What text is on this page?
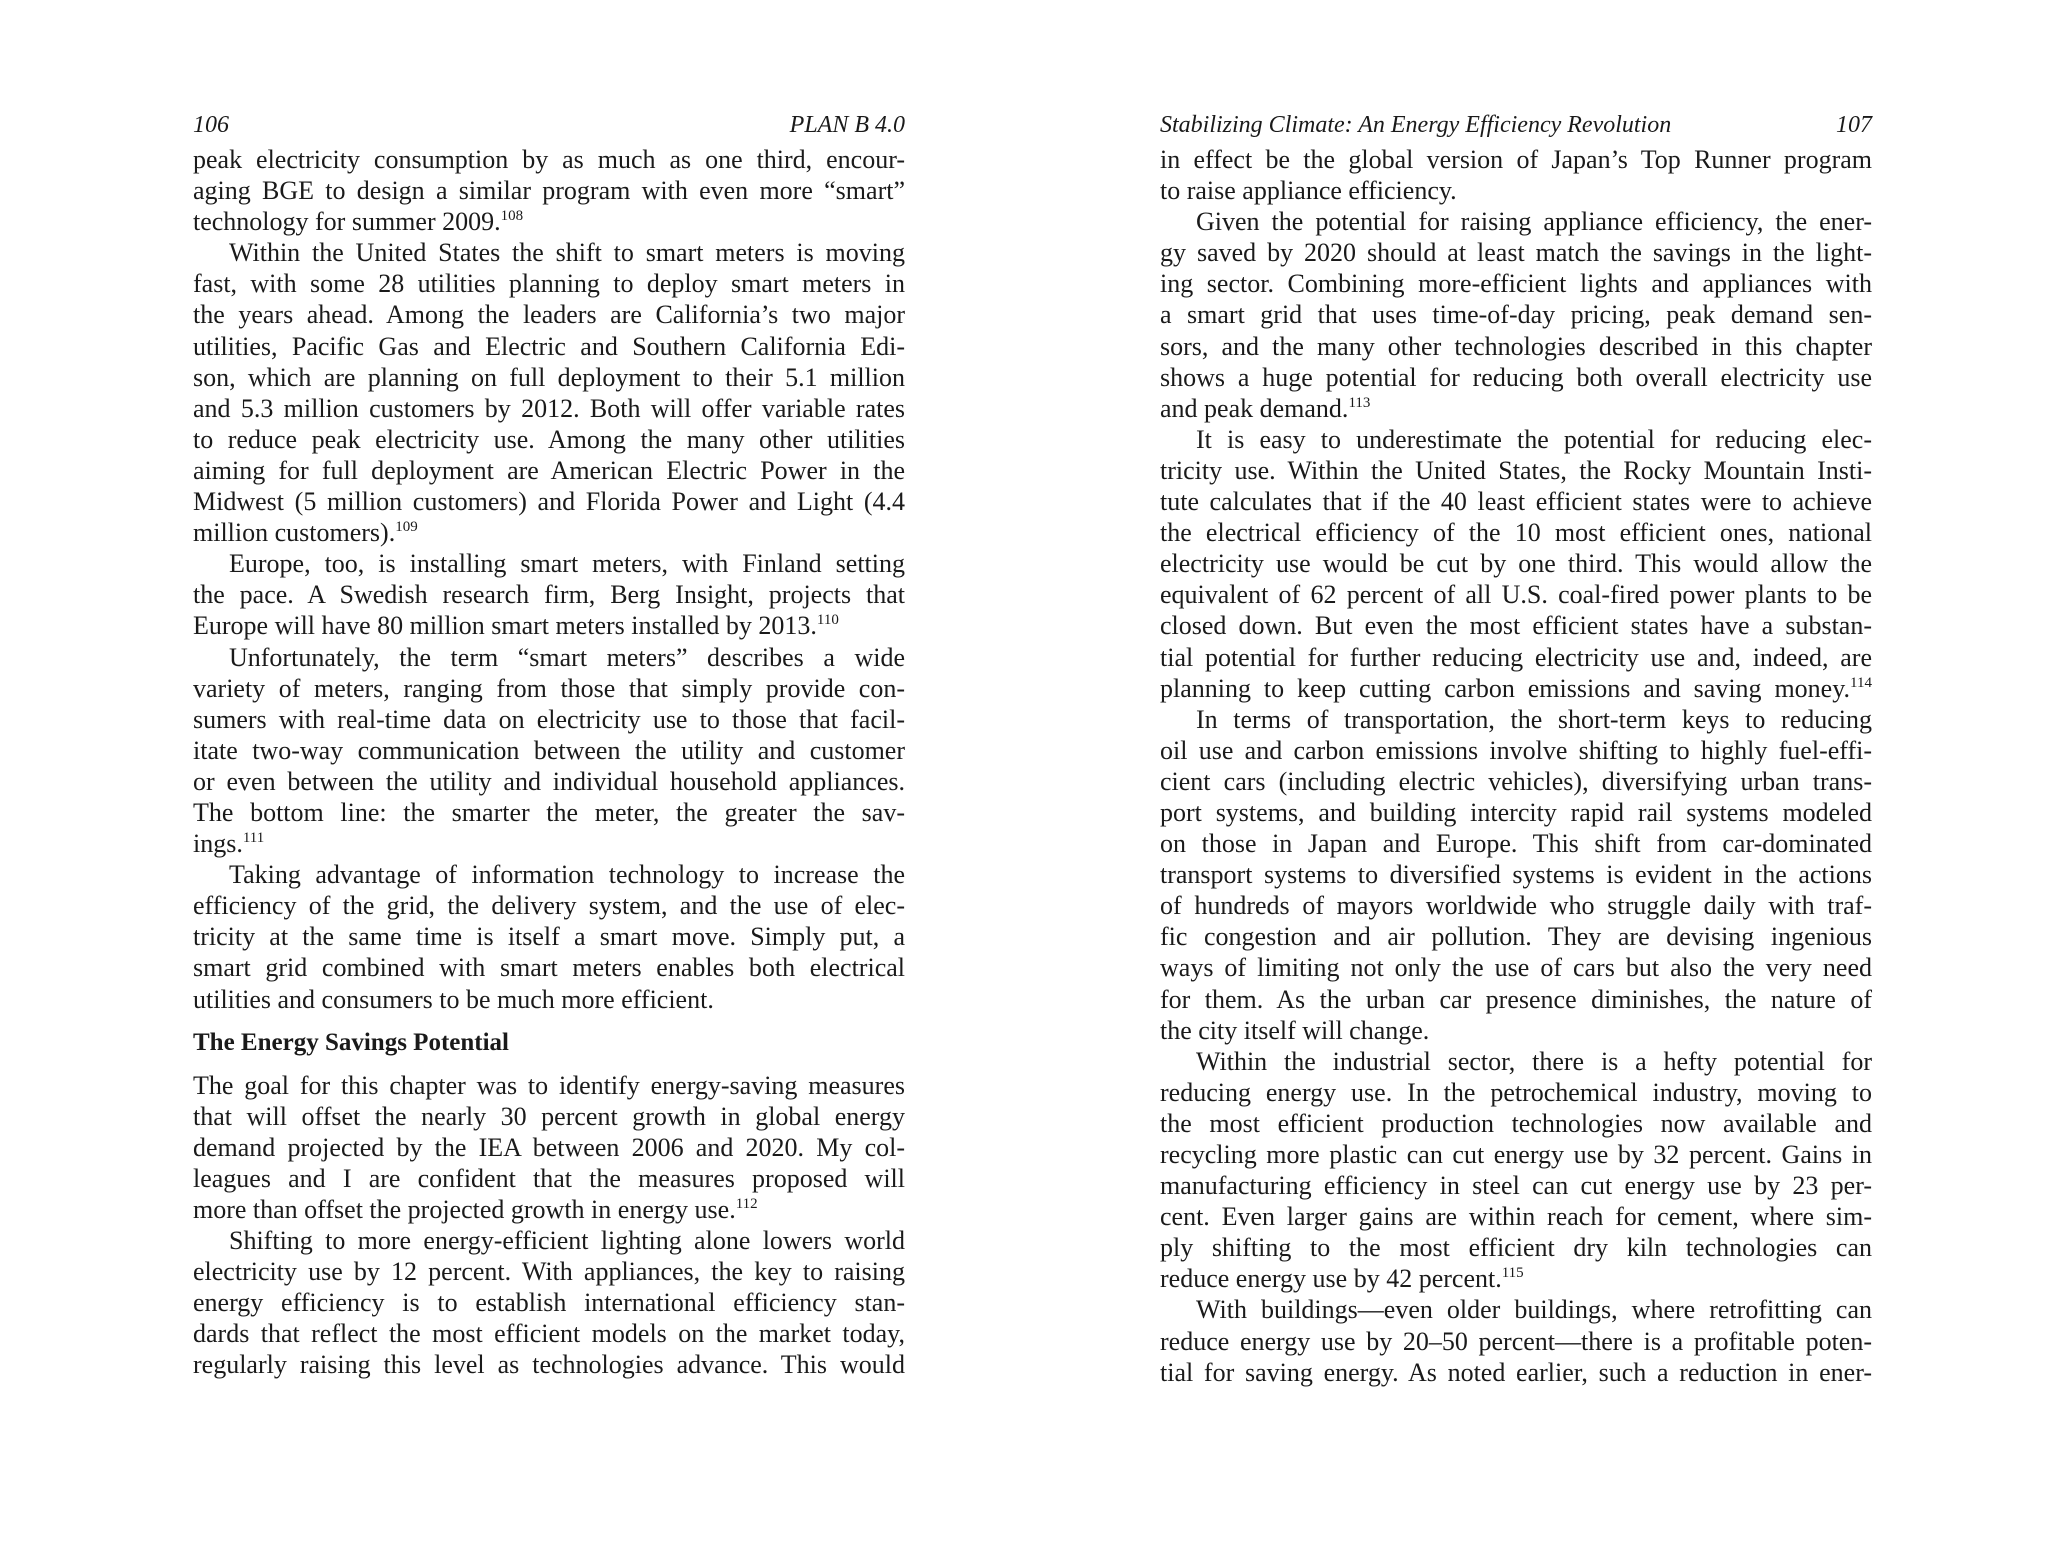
106	PLAN B 4.0
peak electricity consumption by as much as one third, encour-
aging BGE to design a similar program with even more “smart”
technology for summer 2009.$^{108}$
Within the United States the shift to smart meters is moving
fast, with some 28 utilities planning to deploy smart meters in
the years ahead. Among the leaders are California’s two major
utilities, Pacific Gas and Electric and Southern California Edi-
son, which are planning on full deployment to their 5.1 million
and 5.3 million customers by 2012. Both will offer variable rates
to reduce peak electricity use. Among the many other utilities
aiming for full deployment are American Electric Power in the
Midwest (5 million customers) and Florida Power and Light (4.4
million customers).$^{109}$
Europe, too, is installing smart meters, with Finland setting
the pace. A Swedish research firm, Berg Insight, projects that
Europe will have 80 million smart meters installed by 2013.$^{110}$
Unfortunately, the term “smart meters” describes a wide
variety of meters, ranging from those that simply provide con-
sumers with real-time data on electricity use to those that facil-
itate two-way communication between the utility and customer
or even between the utility and individual household appliances.
The bottom line: the smarter the meter, the greater the sav-
ings.$^{111}$
Taking advantage of information technology to increase the
efficiency of the grid, the delivery system, and the use of elec-
tricity at the same time is itself a smart move. Simply put, a
smart grid combined with smart meters enables both electrical
utilities and consumers to be much more efficient.
The Energy Savings Potential
The goal for this chapter was to identify energy-saving measures
that will offset the nearly 30 percent growth in global energy
demand projected by the IEA between 2006 and 2020. My col-
leagues and I are confident that the measures proposed will
more than offset the projected growth in energy use.$^{112}$
Shifting to more energy-efficient lighting alone lowers world
electricity use by 12 percent. With appliances, the key to raising
energy efficiency is to establish international efficiency stan-
dards that reflect the most efficient models on the market today,
regularly raising this level as technologies advance. This would
Stabilizing Climate: An Energy Efficiency Revolution	107
in effect be the global version of Japan’s Top Runner program
to raise appliance efficiency.
Given the potential for raising appliance efficiency, the ener-
gy saved by 2020 should at least match the savings in the light-
ing sector. Combining more-efficient lights and appliances with
a smart grid that uses time-of-day pricing, peak demand sen-
sors, and the many other technologies described in this chapter
shows a huge potential for reducing both overall electricity use
and peak demand.$^{113}$
It is easy to underestimate the potential for reducing elec-
tricity use. Within the United States, the Rocky Mountain Insti-
tute calculates that if the 40 least efficient states were to achieve
the electrical efficiency of the 10 most efficient ones, national
electricity use would be cut by one third. This would allow the
equivalent of 62 percent of all U.S. coal-fired power plants to be
closed down. But even the most efficient states have a substan-
tial potential for further reducing electricity use and, indeed, are
planning to keep cutting carbon emissions and saving money.$^{114}$
In terms of transportation, the short-term keys to reducing
oil use and carbon emissions involve shifting to highly fuel-effi-
cient cars (including electric vehicles), diversifying urban trans-
port systems, and building intercity rapid rail systems modeled
on those in Japan and Europe. This shift from car-dominated
transport systems to diversified systems is evident in the actions
of hundreds of mayors worldwide who struggle daily with traf-
fic congestion and air pollution. They are devising ingenious
ways of limiting not only the use of cars but also the very need
for them. As the urban car presence diminishes, the nature of
the city itself will change.
Within the industrial sector, there is a hefty potential for
reducing energy use. In the petrochemical industry, moving to
the most efficient production technologies now available and
recycling more plastic can cut energy use by 32 percent. Gains in
manufacturing efficiency in steel can cut energy use by 23 per-
cent. Even larger gains are within reach for cement, where sim-
ply shifting to the most efficient dry kiln technologies can
reduce energy use by 42 percent.$^{115}$
With buildings—even older buildings, where retrofitting can
reduce energy use by 20–50 percent—there is a profitable poten-
tial for saving energy. As noted earlier, such a reduction in ener-
